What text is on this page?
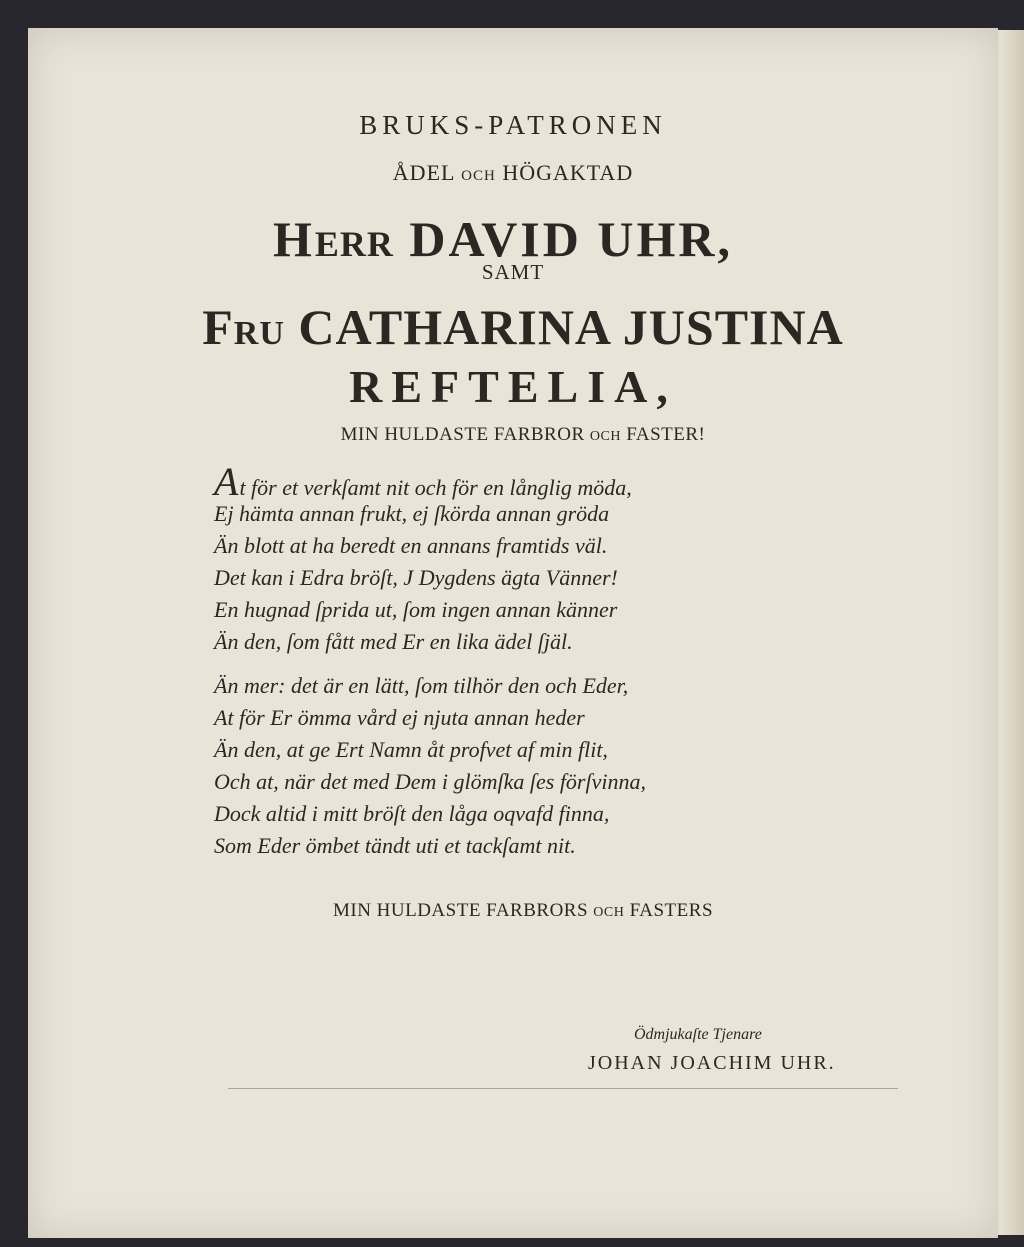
BRUKS-PATRONEN
ÅDEL OCH HÖGAKTAD
HERR DAVID UHR,
SAMT
FRU CATHARINA JUSTINA
REFTELIA,
MIN HULDASTE FARBROR OCH FASTER!
At för et verkſamt nit och för en långlig möda,
Ej hämta annan frukt, ej ſkörda annan gröda
Än blott at ha beredt en annans framtids väl.
Det kan i Edra bröſt, J Dygdens ägta Vänner!
En hugnad ſprida ut, ſom ingen annan känner
Än den, ſom fått med Er en lika ädel ſjäl.
Än mer: det är en lätt, ſom tilhör den och Eder,
At för Er ömma vård ej njuta annan heder
Än den, at ge Ert Namn åt profvet af min flit,
Och at, när det med Dem i glömſka ſes förſvinna,
Dock altid i mitt bröſt den låga oqvafd finna,
Som Eder ömbet tändt uti et tackſamt nit.
MIN HULDASTE FARBRORS OCH FASTERS
Ödmjukaſte Tjenare
JOHAN JOACHIM UHR.
